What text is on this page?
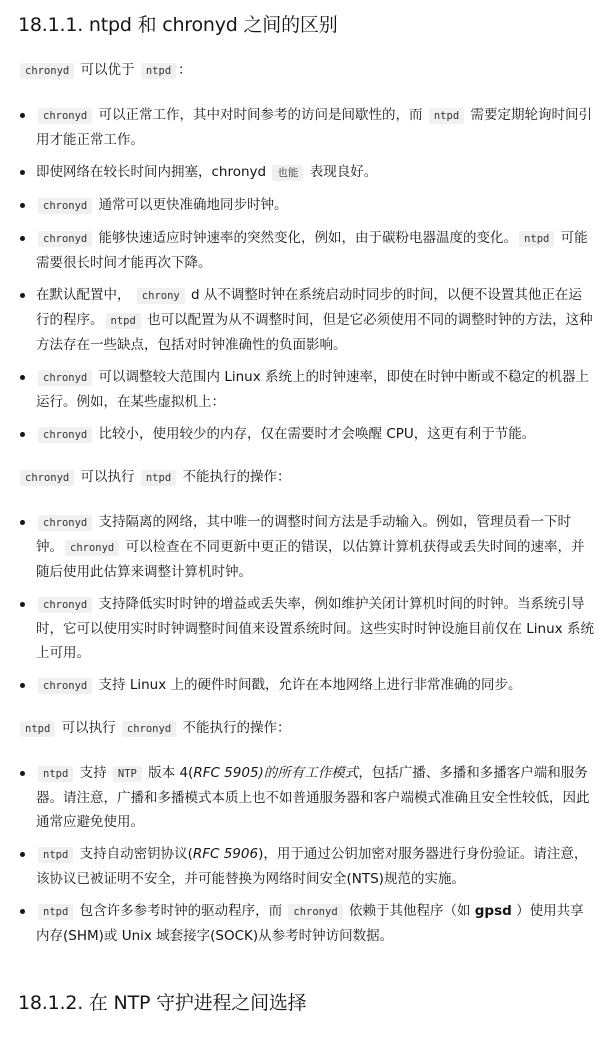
18.1.1. ntpd 和 chronyd 之间的区别

chronyd 可以优于 ntpd ：

chronyd 可以正常工作，其中对时间参考的访问是间歇性的，而 ntpd 需要定期轮询时间引用才能正常工作。
即使网络在较长时间内拥塞，chronyd 也能 表现良好。
chronyd 通常可以更快准确地同步时钟。
chronyd 能够快速适应时钟速率的突然变化，例如，由于碳粉电器温度的变化。 ntpd 可能需要很长时间才能再次下降。
在默认配置中， chrony d 从不调整时钟在系统启动时同步的时间，以便不设置其他正在运行的程序。 ntpd 也可以配置为从不调整时间，但是它必须使用不同的调整时钟的方法，这种方法存在一些缺点，包括对时钟准确性的负面影响。
chronyd 可以调整较大范围内 Linux 系统上的时钟速率，即使在时钟中断或不稳定的机器上运行。例如，在某些虚拟机上：
chronyd 比较小，使用较少的内存，仅在需要时才会唤醒 CPU，这更有利于节能。

chronyd 可以执行 ntpd 不能执行的操作：

chronyd 支持隔离的网络，其中唯一的调整时间方法是手动输入。例如，管理员看一下时钟。 chronyd 可以检查在不同更新中更正的错误，以估算计算机获得或丢失时间的速率，并随后使用此估算来调整计算机时钟。
chronyd 支持降低实时时钟的增益或丢失率，例如维护关闭计算机时间的时钟。当系统引导时，它可以使用实时时钟调整时间值来设置系统时间。这些实时时钟设施目前仅在 Linux 系统上可用。
chronyd 支持 Linux 上的硬件时间戳，允许在本地网络上进行非常准确的同步。

ntpd 可以执行 chronyd 不能执行的操作：

ntpd 支持 NTP 版本 4(RFC 5905)的所有工作模式，包括广播、多播和多播客户端和服务器。请注意，广播和多播模式本质上也不如普通服务器和客户端模式准确且安全性较低，因此通常应避免使用。
ntpd 支持自动密钥协议(RFC 5906)，用于通过公钥加密对服务器进行身份验证。请注意，该协议已被证明不安全，并可能替换为网络时间安全(NTS)规范的实施。
ntpd 包含许多参考时钟的驱动程序，而 chronyd 依赖于其他程序（如 gpsd ）使用共享内存(SHM)或 Unix 域套接字(SOCK)从参考时钟访问数据。
18.1.2. 在 NTP 守护进程之间选择
